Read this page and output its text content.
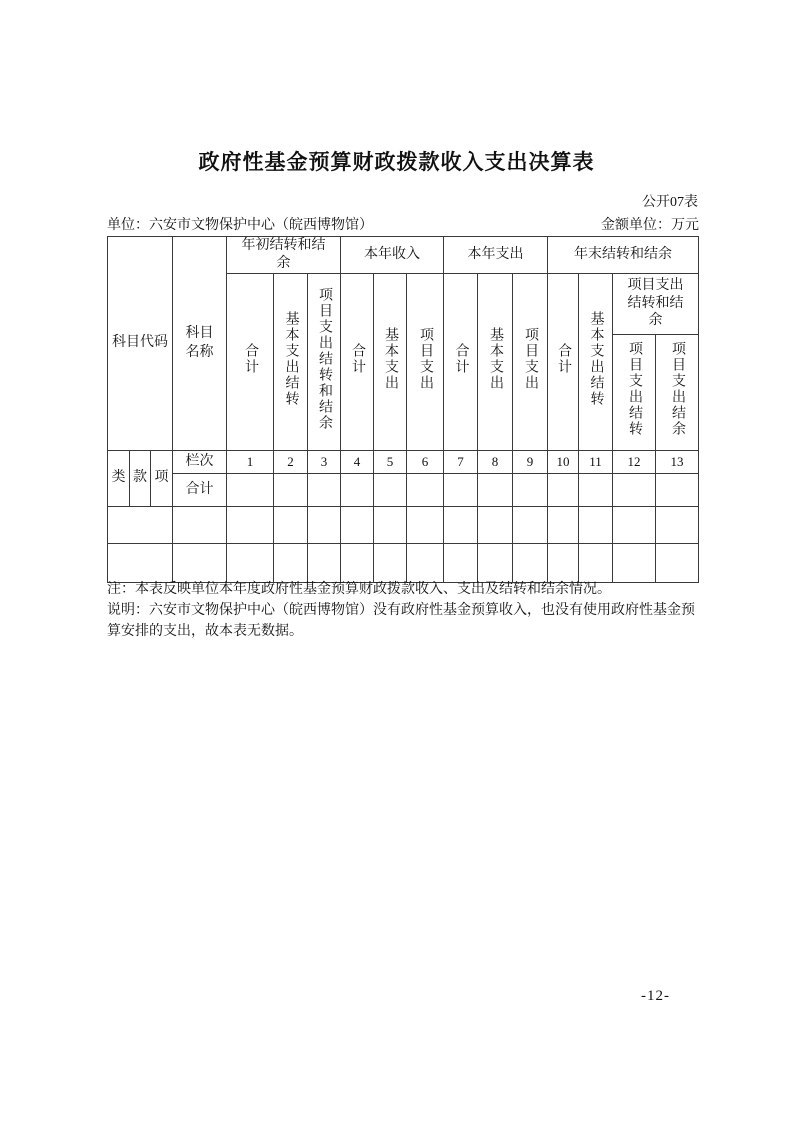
政府性基金预算财政拨款收入支出决算表
公开07表
单位：六安市文物保护中心（皖西博物馆）	金额单位：万元
科目代码			科目名称	年初结转和结余			本年收入			本年支出			年末结转和结余			
				合计	基本支出结转	项目支出结转和结余	合计	基本支出	项目支出	合计	基本支出	项目支出	合计	基本支出结转	项目支出结转和结余	
															项目支出结转	项目支出结余
类	款	项	栏次	1	2	3	4	5	6	7	8	9	10	11	12	13
			合计													

注：本表反映单位本年度政府性基金预算财政拨款收入、支出及结转和结余情况。

说明：六安市文物保护中心（皖西博物馆）没有政府性基金预算收入，也没有使用政府性基金预算安排的支出，故本表无数据。

-12-
